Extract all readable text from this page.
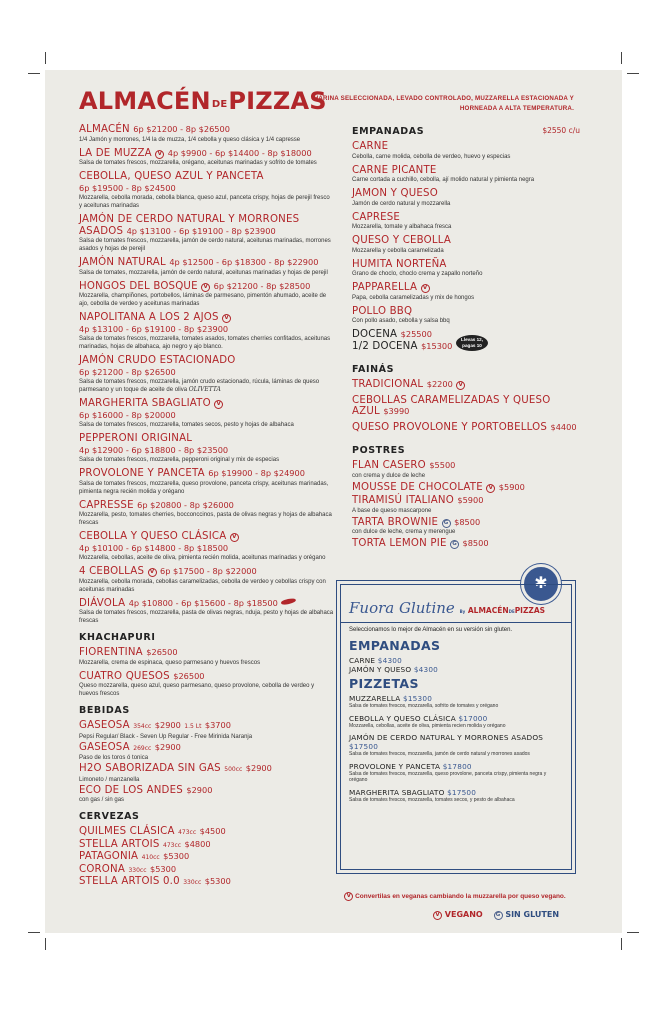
ALMACÉNDEPIZZAS
HARINA SELECCIONADA, LEVADO CONTROLADO, MUZZARELLA ESTACIONADA Y HORNEADA A ALTA TEMPERATURA.
ALMACÉN 6p $21200 - 8p $26500
1/4 Jamón y morrones, 1/4 la de muzza, 1/4 cebolla y queso clásica y 1/4 capresse
LA DE MUZZA V 4p $9900 - 6p $14400 - 8p $18000
Salsa de tomates frescos, mozzarella, orégano, aceitunas marinadas y sofrito de tomates
CEBOLLA, QUESO AZUL Y PANCETA
6p $19500 - 8p $24500
Mozzarella, cebolla morada, cebolla blanca, queso azul, panceta crispy, hojas de perejil fresco y aceitunas marinadas
JAMÓN DE CERDO NATURAL Y MORRONES ASADOS 4p $13100 - 6p $19100 - 8p $23900
Salsa de tomates frescos, mozzarella, jamón de cerdo natural, aceitunas marinadas, morrones asados y hojas de perejil
JAMÓN NATURAL 4p $12500 - 6p $18300 - 8p $22900
Salsa de tomates, mozzarella, jamón de cerdo natural, aceitunas marinadas y hojas de perejil
HONGOS DEL BOSQUE V 6p $21200 - 8p $28500
Mozzarella, champiñones, portobellos, láminas de parmesano, pimentón ahumado, aceite de ajo, cebolla de verdeo y aceitunas marinadas
NAPOLITANA A LOS 2 AJOS V
4p $13100 - 6p $19100 - 8p $23900
Salsa de tomates frescos, mozzarella, tomates asados, tomates cherries confitados, aceitunas marinadas, hojas de albahaca, ajo negro y ajo blanco.
JAMÓN CRUDO ESTACIONADO
6p $21200 - 8p $26500
Salsa de tomates frescos, mozzarella, jamón crudo estacionado, rúcula, láminas de queso parmesano y un toque de aceite de oliva OLIVETTA
MARGHERITA SBAGLIATO V
6p $16000 - 8p $20000
Salsa de tomates frescos, mozzarella, tomates secos, pesto y hojas de albahaca
PEPPERONI ORIGINAL
4p $12900 - 6p $18800 - 8p $23500
Salsa de tomates frescos, mozzarella, pepperoni original y mix de especias
PROVOLONE Y PANCETA 6p $19900 - 8p $24900
Salsa de tomates frescos, mozzarella, queso provolone, panceta crispy, aceitunas marinadas, pimienta negra recién molida y orégano
CAPRESSE 6p $20800 - 8p $26000
Mozzarella, pesto, tomates cherries, bocconccinos, pasta de olivas negras y hojas de albahaca frescas
CEBOLLA Y QUESO CLÁSICA V
4p $10100 - 6p $14800 - 8p $18500
Mozzarella, cebollas, aceite de oliva, pimienta recién molida, aceitunas marinadas y orégano
4 CEBOLLAS V 6p $17500 - 8p $22000
Mozzarella, cebolla morada, cebollas caramelizadas, cebolla de verdeo y cebollas crispy con aceitunas marinadas
DIÁVOLA 4p $10800 - 6p $15600 - 8p $18500
Salsa de tomates frescos, mozzarella, pasta de olivas negras, nduja, pesto y hojas de albahaca frescas
KHACHAPURI
FIORENTINA $26500
Mozzarella, crema de espinaca, queso parmesano y huevos frescos
CUATRO QUESOS $26500
Queso mozzarella, queso azul, queso parmesano, queso provolone, cebolla de verdeo y huevos frescos
BEBIDAS
GASEOSA 354cc $2900 1.5 Lt $3700
Pepsi Regular/ Black - Seven Up Regular - Free Mirinida Naranja
GASEOSA 269cc $2900
Paso de los toros ó tonica
H2O SABORIZADA SIN GAS 500cc $2900
Limoneto / manzanella
ECO DE LOS ANDES $2900
con gas / sin gas
CERVEZAS
QUILMES CLÁSICA 473cc $4500
STELLA ARTOIS 473cc $4800
PATAGONIA 410cc $5300
CORONA 330cc $5300
STELLA ARTOIS 0.0 330cc $5300
EMPANADAS	$2550 c/u
CARNE
Cebolla, carne molida, cebolla de verdeo, huevo y especias
CARNE PICANTE
Carne cortada a cuchillo, cebolla, ají molido natural y pimienta negra
JAMON Y QUESO
Jamón de cerdo natural y mozzarella
CAPRESE
Mozzarella, tomate y albahaca fresca
QUESO Y CEBOLLA
Mozzarella y cebolla caramelizada
HUMITA NORTEÑA
Grano de choclo, choclo crema y zapallo norteño
PAPPARELLA V
Papa, cebolla caramelizadas y mix de hongos
POLLO BBQ
Con pollo asado, cebolla y salsa bbq
DOCENA $25500
1/2 DOCENA $15300
Llevas 12, pagas 10
FAINÁS
TRADICIONAL $2200 V
CEBOLLAS CARAMELIZADAS Y QUESO AZUL $3990
QUESO PROVOLONE Y PORTOBELLOS $4400
POSTRES
FLAN CASERO $5500
con crema y dulce de leche
MOUSSE DE CHOCOLATE V $5900
TIRAMISÚ ITALIANO $5900
A base de queso mascarpone
TARTA BROWNIE G $8500
con dulce de leche, crema y merengue
TORTA LEMON PIE G $8500
✱
Fuora Glutine By ALMACÉNDEPIZZAS
Seleccionamos lo mejor de Almacén en su versión sin gluten.
EMPANADAS
CARNE $4300
JAMÓN Y QUESO $4300
PIZZETAS
MUZZARELLA $15300
Salsa de tomates frescos, mozzarella, sofrito de tomates y orégano
CEBOLLA Y QUESO CLÁSICA $17000
Mozzarella, cebollas, aceite de oliva, pimienta recien molida y orégano
JAMÓN DE CERDO NATURAL Y MORRONES ASADOS $17500
Salsa de tomates frescos, mozzarella, jamón de cerdo natural y morrones asados
PROVOLONE Y PANCETA $17800
Salsa de tomates frescos, mozzarella, queso provolone, panceta crispy, pimienta negra y orégano
MARGHERITA SBAGLIATO $17500
Salsa de tomates frescos, mozzarella, tomates secos, y pesto de albahaca
V Convertilas en veganas cambiando la muzzarella por queso vegano.
V VEGANO G SIN GLUTEN
